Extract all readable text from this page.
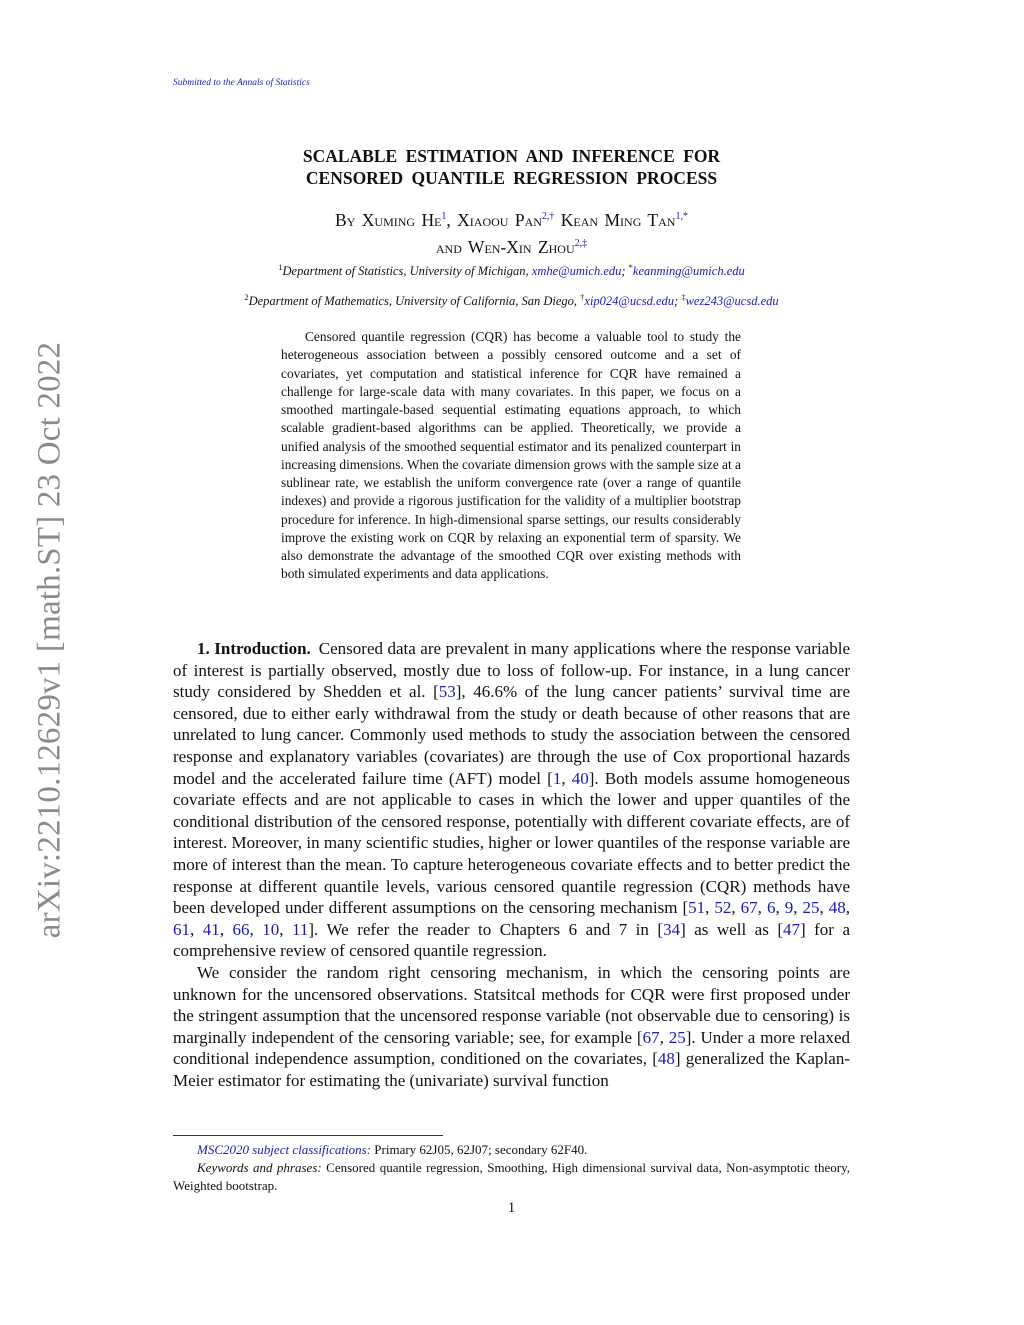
Submitted to the Annals of Statistics
arXiv:2210.12629v1 [math.ST] 23 Oct 2022
SCALABLE ESTIMATION AND INFERENCE FOR
CENSORED QUANTILE REGRESSION PROCESS
By Xuming He$^1$, Xiaoou Pan$^{2,\dagger}$ Kean Ming Tan$^{1,*}$
and Wen-Xin Zhou$^{2,\ddagger}$
$^1$Department of Statistics, University of Michigan, xmhe@umich.edu; *keanming@umich.edu
$^2$Department of Mathematics, University of California, San Diego, †xip024@ucsd.edu; ‡wez243@ucsd.edu
Censored quantile regression (CQR) has become a valuable tool to study the heterogeneous association between a possibly censored outcome and a set of covariates, yet computation and statistical inference for CQR have remained a challenge for large-scale data with many covariates. In this paper, we focus on a smoothed martingale-based sequential estimating equations approach, to which scalable gradient-based algorithms can be applied. Theoretically, we provide a unified analysis of the smoothed sequential estimator and its penalized counterpart in increasing dimensions. When the covariate dimension grows with the sample size at a sublinear rate, we establish the uniform convergence rate (over a range of quantile indexes) and provide a rigorous justification for the validity of a multiplier bootstrap procedure for inference. In high-dimensional sparse settings, our results considerably improve the existing work on CQR by relaxing an exponential term of sparsity. We also demonstrate the advantage of the smoothed CQR over existing methods with both simulated experiments and data applications.

1. Introduction. Censored data are prevalent in many applications where the response variable of interest is partially observed, mostly due to loss of follow-up. For instance, in a lung cancer study considered by Shedden et al. [53], 46.6% of the lung cancer patients’ survival time are censored, due to either early withdrawal from the study or death because of other reasons that are unrelated to lung cancer. Commonly used methods to study the association between the censored response and explanatory variables (covariates) are through the use of Cox proportional hazards model and the accelerated failure time (AFT) model [1, 40]. Both models assume homogeneous covariate effects and are not applicable to cases in which the lower and upper quantiles of the conditional distribution of the censored response, potentially with different covariate effects, are of interest. Moreover, in many scientific studies, higher or lower quantiles of the response variable are more of interest than the mean. To capture heterogeneous covariate effects and to better predict the response at different quantile levels, various censored quantile regression (CQR) methods have been developed under different assumptions on the censoring mechanism [51, 52, 67, 6, 9, 25, 48, 61, 41, 66, 10, 11]. We refer the reader to Chapters 6 and 7 in [34] as well as [47] for a comprehensive review of censored quantile regression.

We consider the random right censoring mechanism, in which the censoring points are unknown for the uncensored observations. Statsitcal methods for CQR were first proposed under the stringent assumption that the uncensored response variable (not observable due to censoring) is marginally independent of the censoring variable; see, for example [67, 25]. Under a more relaxed conditional independence assumption, conditioned on the covariates, [48] generalized the Kaplan-Meier estimator for estimating the (univariate) survival function

MSC2020 subject classifications: Primary 62J05, 62J07; secondary 62F40.

Keywords and phrases: Censored quantile regression, Smoothing, High dimensional survival data, Non-asymptotic theory, Weighted bootstrap.

1
